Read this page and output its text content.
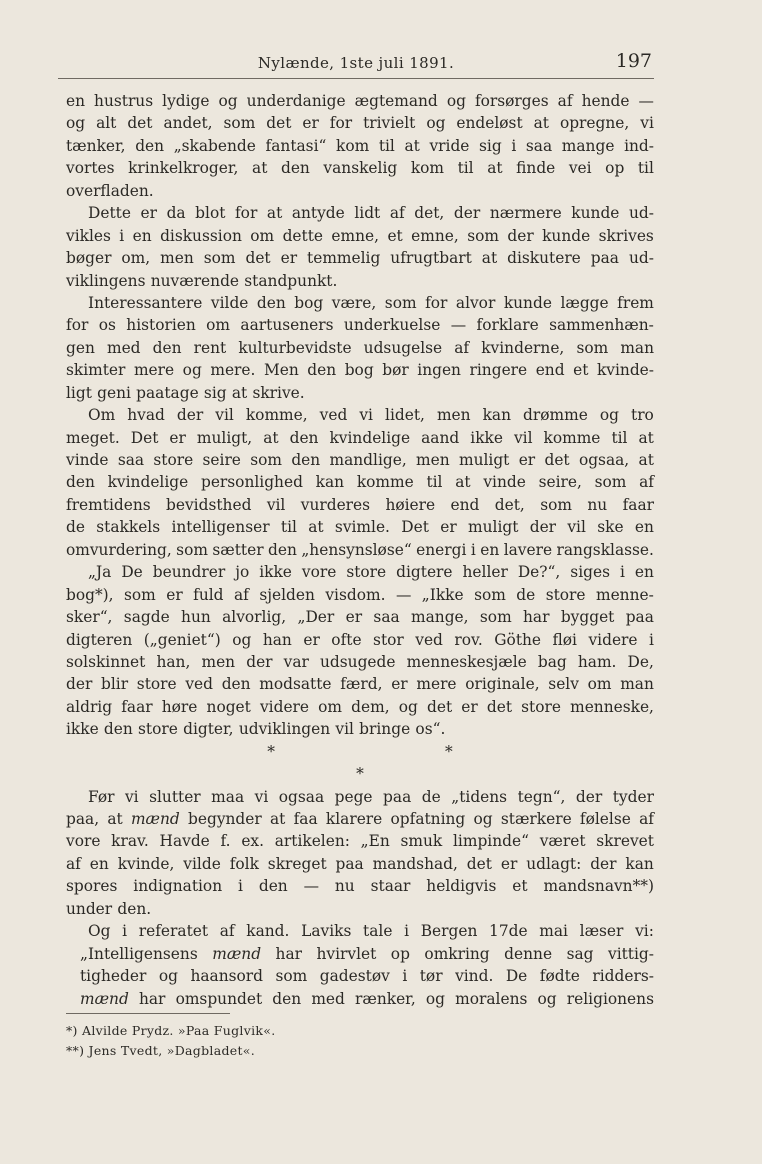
Nylænde, 1ste juli 1891.	197
en hustrus lydige og underdanige ægtemand og forsørges af hende —
og alt det andet, som det er for trivielt og endeløst at opregne, vi
tænker, den „skabende fantasi“ kom til at vride sig i saa mange ind-
vortes krinkelkroger, at den vanskelig kom til at finde vei op til
overfladen.
Dette er da blot for at antyde lidt af det, der nærmere kunde ud-
vikles i en diskussion om dette emne, et emne, som der kunde skrives
bøger om, men som det er temmelig ufrugtbart at diskutere paa ud-
viklingens nuværende standpunkt.
Interessantere vilde den bog være, som for alvor kunde lægge frem
for os historien om aartuseners underkuelse — forklare sammenhæn-
gen med den rent kulturbevidste udsugelse af kvinderne, som man
skimter mere og mere. Men den bog bør ingen ringere end et kvinde-
ligt geni paatage sig at skrive.
Om hvad der vil komme, ved vi lidet, men kan drømme og tro
meget. Det er muligt, at den kvindelige aand ikke vil komme til at
vinde saa store seire som den mandlige, men muligt er det ogsaa, at
den kvindelige personlighed kan komme til at vinde seire, som af
fremtidens bevidsthed vil vurderes høiere end det, som nu faar
de stakkels intelligenser til at svimle. Det er muligt der vil ske en
omvurdering, som sætter den „hensynsløse“ energi i en lavere rangsklasse.
„Ja De beundrer jo ikke vore store digtere heller De?“, siges i en
bog*), som er fuld af sjelden visdom. — „Ikke som de store menne-
sker“, sagde hun alvorlig, „Der er saa mange, som har bygget paa
digteren („geniet“) og han er ofte stor ved rov. Göthe fløi videre i
solskinnet han, men der var udsugede menneskesjæle bag ham. De,
der blir store ved den modsatte færd, er mere originale, selv om man
aldrig faar høre noget videre om dem, og det er det store menneske,
ikke den store digter, udviklingen vil bringe os“.
*	*
*
Før vi slutter maa vi ogsaa pege paa de „tidens tegn“, der tyder
paa, at mænd begynder at faa klarere opfatning og stærkere følelse af
vore krav. Havde f. ex. artikelen: „En smuk limpinde“ været skrevet
af en kvinde, vilde folk skreget paa mandshad, det er udlagt: der kan
spores indignation i den — nu staar heldigvis et mandsnavn**)
under den.
Og i referatet af kand. Laviks tale i Bergen 17de mai læser vi:
„Intelligensens mænd har hvirvlet op omkring denne sag vittig-
tigheder og haansord som gadestøv i tør vind. De fødte ridders-
mænd har omspundet den med rænker, og moralens og religionens
*) Alvilde Prydz. »Paa Fuglvik«.
**) Jens Tvedt, »Dagbladet«.
